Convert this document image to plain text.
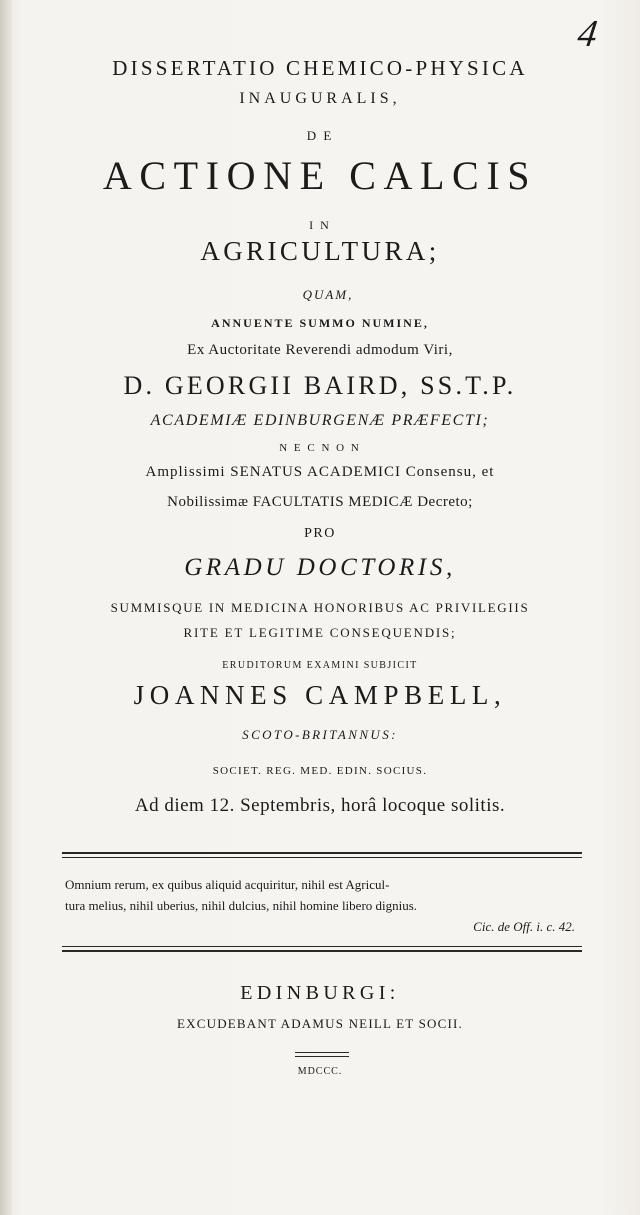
4
DISSERTATIO CHEMICO-PHYSICA
INAUGURALIS,
D E
ACTIONE CALCIS
I N
AGRICULTURA;
QUAM,
ANNUENTE SUMMO NUMINE,
Ex Auctoritate Reverendi admodum Viri,
D. GEORGII BAIRD, SS.T.P.
ACADEMIÆ EDINBURGENÆ PRÆFECTI;
N E C N O N
Amplissimi SENATUS ACADEMICI Consensu, et
Nobilissimæ FACULTATIS MEDICÆ Decreto;
PRO
GRADU DOCTORIS,
SUMMISQUE IN MEDICINA HONORIBUS AC PRIVILEGIIS
RITE ET LEGITIME CONSEQUENDIS;
ERUDITORUM EXAMINI SUBJICIT
JOANNES CAMPBELL,
SCOTO-BRITANNUS:
SOCIET. REG. MED. EDIN. SOCIUS.
Ad diem 12. Septembris, horâ locoque solitis.
Omnium rerum, ex quibus aliquid acquiritur, nihil est Agricul-
tura melius, nihil uberius, nihil dulcius, nihil homine libero dignius.
Cic. de Off. i. c. 42.
EDINBURGI:
EXCUDEBANT ADAMUS NEILL ET SOCII.
MDCCC.
